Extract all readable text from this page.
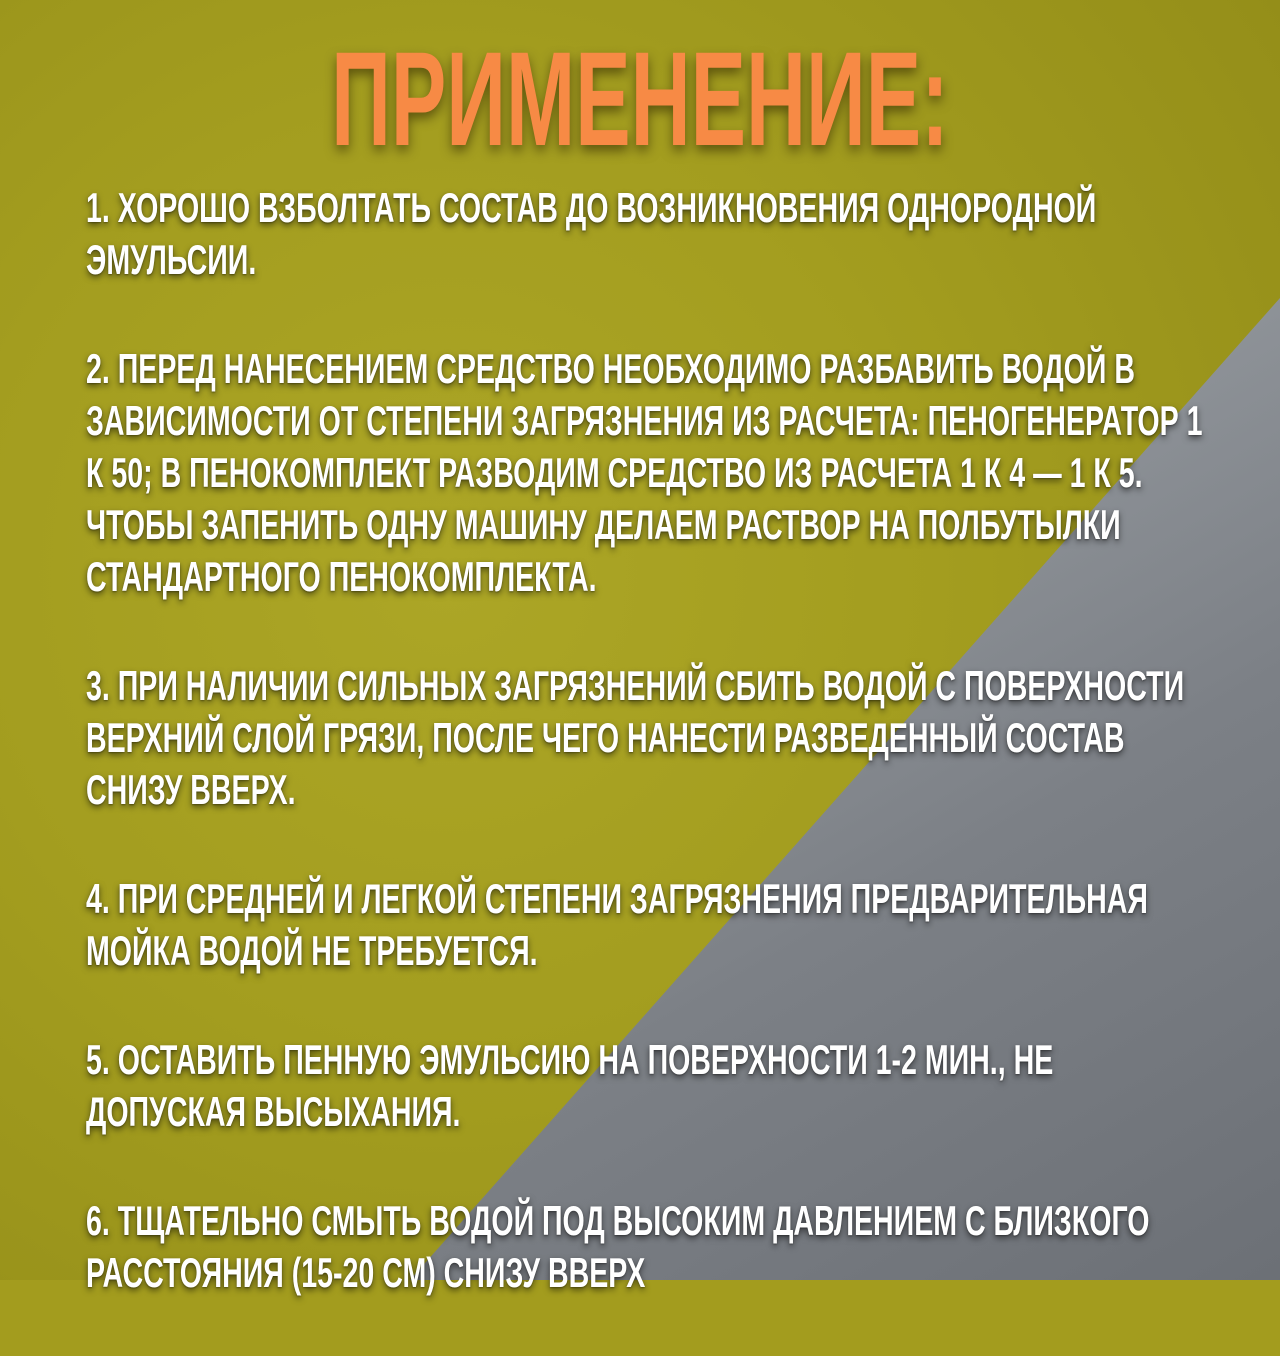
ПРИМЕНЕНИЕ:
1. ХОРОШО ВЗБОЛТАТЬ СОСТАВ ДО ВОЗНИКНОВЕНИЯ ОДНОРОДНОЙ ЭМУЛЬСИИ.
2. ПЕРЕД НАНЕСЕНИЕМ СРЕДСТВО НЕОБХОДИМО РАЗБАВИТЬ ВОДОЙ В ЗАВИСИМОСТИ ОТ СТЕПЕНИ ЗАГРЯЗНЕНИЯ ИЗ РАСЧЕТА: ПЕНОГЕНЕРАТОР 1 К 50; В ПЕНОКОМПЛЕКТ РАЗВОДИМ СРЕДСТВО ИЗ РАСЧЕТА 1 К 4 — 1 К 5. ЧТОБЫ ЗАПЕНИТЬ ОДНУ МАШИНУ ДЕЛАЕМ РАСТВОР НА ПОЛБУТЫЛКИ СТАНДАРТНОГО ПЕНОКОМПЛЕКТА.
3. ПРИ НАЛИЧИИ СИЛЬНЫХ ЗАГРЯЗНЕНИЙ СБИТЬ ВОДОЙ С ПОВЕРХНОСТИ ВЕРХНИЙ СЛОЙ ГРЯЗИ, ПОСЛЕ ЧЕГО НАНЕСТИ РАЗВЕДЕННЫЙ СОСТАВ СНИЗУ ВВЕРХ.
4. ПРИ СРЕДНЕЙ И ЛЕГКОЙ СТЕПЕНИ ЗАГРЯЗНЕНИЯ ПРЕДВАРИТЕЛЬНАЯ МОЙКА ВОДОЙ НЕ ТРЕБУЕТСЯ.
5. ОСТАВИТЬ ПЕННУЮ ЭМУЛЬСИЮ НА ПОВЕРХНОСТИ 1-2 МИН., НЕ ДОПУСКАЯ ВЫСЫХАНИЯ.
6. ТЩАТЕЛЬНО СМЫТЬ ВОДОЙ ПОД ВЫСОКИМ ДАВЛЕНИЕМ С БЛИЗКОГО РАССТОЯНИЯ (15-20 СМ) СНИЗУ ВВЕРХ
